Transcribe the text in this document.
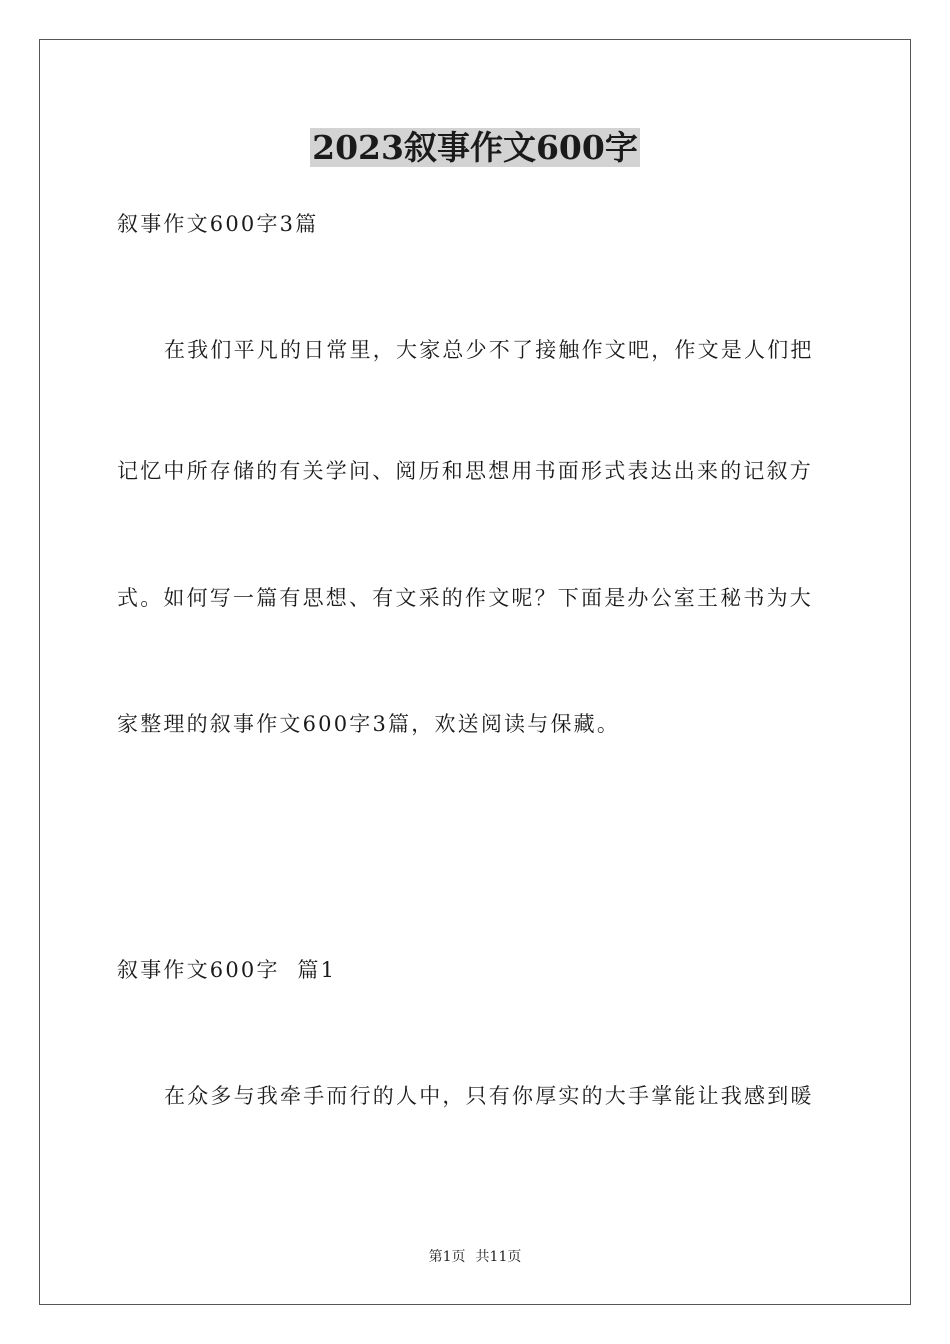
2023叙事作文600字

叙事作文600字3篇

在我们平凡的日常里，大家总少不了接触作文吧，作文是人们把

记忆中所存储的有关学问、阅历和思想用书面形式表达出来的记叙方

式。如何写一篇有思想、有文采的作文呢？下面是办公室王秘书为大

家整理的叙事作文600字3篇，欢送阅读与保藏。

叙事作文600字  篇1

在众多与我牵手而行的人中，只有你厚实的大手掌能让我感到暖

第1页 共11页
